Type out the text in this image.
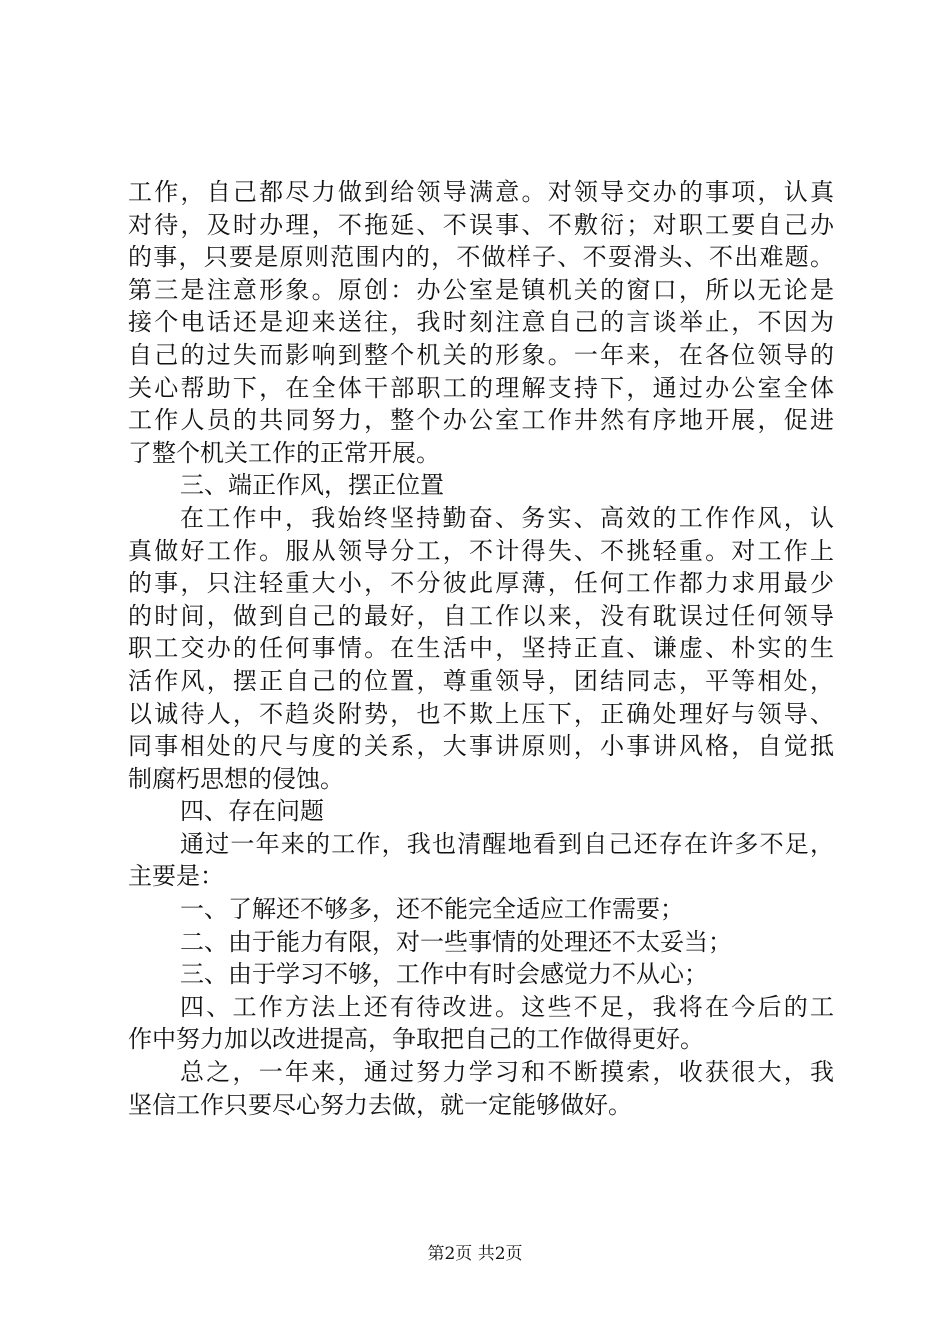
工作，自己都尽力做到给领导满意。对领导交办的事项，认真
对待，及时办理，不拖延、不误事、不敷衍；对职工要自己办
的事，只要是原则范围内的，不做样子、不耍滑头、不出难题。
第三是注意形象。原创：办公室是镇机关的窗口，所以无论是
接个电话还是迎来送往，我时刻注意自己的言谈举止，不因为
自己的过失而影响到整个机关的形象。一年来，在各位领导的
关心帮助下，在全体干部职工的理解支持下，通过办公室全体
工作人员的共同努力，整个办公室工作井然有序地开展，促进
了整个机关工作的正常开展。
三、端正作风，摆正位置
在工作中，我始终坚持勤奋、务实、高效的工作作风，认
真做好工作。服从领导分工，不计得失、不挑轻重。对工作上
的事，只注轻重大小，不分彼此厚薄，任何工作都力求用最少
的时间，做到自己的最好，自工作以来，没有耽误过任何领导
职工交办的任何事情。在生活中，坚持正直、谦虚、朴实的生
活作风，摆正自己的位置，尊重领导，团结同志，平等相处，
以诚待人，不趋炎附势，也不欺上压下，正确处理好与领导、
同事相处的尺与度的关系，大事讲原则，小事讲风格，自觉抵
制腐朽思想的侵蚀。
四、存在问题
通过一年来的工作，我也清醒地看到自己还存在许多不足，
主要是：
一、了解还不够多，还不能完全适应工作需要；
二、由于能力有限，对一些事情的处理还不太妥当；
三、由于学习不够，工作中有时会感觉力不从心；
四、工作方法上还有待改进。这些不足，我将在今后的工
作中努力加以改进提高，争取把自己的工作做得更好。
总之，一年来，通过努力学习和不断摸索，收获很大，我
坚信工作只要尽心努力去做，就一定能够做好。
第2页 共2页
